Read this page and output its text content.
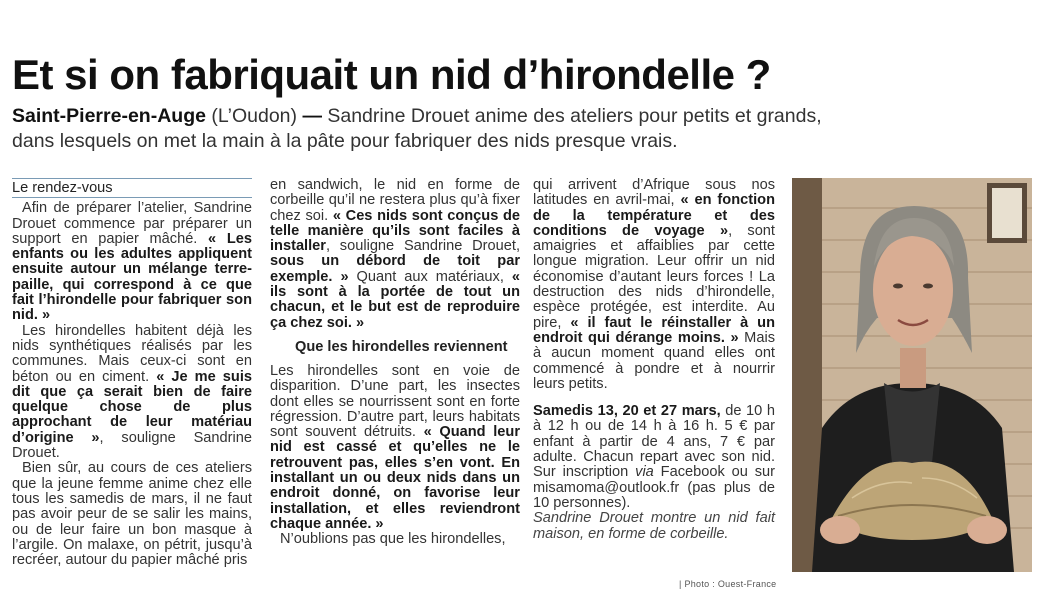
Et si on fabriquait un nid d’hirondelle ?
Saint-Pierre-en-Auge (L’Oudon) — Sandrine Drouet anime des ateliers pour petits et grands,
dans lesquels on met la main à la pâte pour fabriquer des nids presque vrais.
Le rendez-vous

Afin de préparer l’atelier, Sandrine Drouet commence par préparer un support en papier mâché. « Les enfants ou les adultes appliquent ensuite autour un mélange terre-paille, qui correspond à ce que fait l’hirondelle pour fabriquer son nid. »

Les hirondelles habitent déjà les nids synthétiques réalisés par les communes. Mais ceux-ci sont en béton ou en ciment. « Je me suis dit que ça serait bien de faire quelque chose de plus approchant de leur matériau d’origine », souligne Sandrine Drouet.

Bien sûr, au cours de ces ateliers que la jeune femme anime chez elle tous les samedis de mars, il ne faut pas avoir peur de se salir les mains, ou de leur faire un bon masque à l’argile. On malaxe, on pétrit, jusqu’à recréer, autour du papier mâché pris

en sandwich, le nid en forme de corbeille qu’il ne restera plus qu’à fixer chez soi. « Ces nids sont conçus de telle manière qu’ils sont faciles à installer, souligne Sandrine Drouet, sous un débord de toit par exemple. » Quant aux matériaux, « ils sont à la portée de tout un chacun, et le but est de reproduire ça chez soi. »

Que les hirondelles reviennent

Les hirondelles sont en voie de disparition. D’une part, les insectes dont elles se nourrissent sont en forte régression. D’autre part, leurs habitats sont souvent détruits. « Quand leur nid est cassé et qu’elles ne le retrouvent pas, elles s’en vont. En installant un ou deux nids dans un endroit donné, on favorise leur installation, et elles reviendront chaque année. »

N’oublions pas que les hirondelles,

qui arrivent d’Afrique sous nos latitudes en avril-mai, « en fonction de la température et des conditions de voyage », sont amaigries et affaiblies par cette longue migration. Leur offrir un nid économise d’autant leurs forces ! La destruction des nids d’hirondelle, espèce protégée, est interdite. Au pire, « il faut le réinstaller à un endroit qui dérange moins. » Mais à aucun moment quand elles ont commencé à pondre et à nourrir leurs petits.

Samedis 13, 20 et 27 mars, de 10 h à 12 h ou de 14 h à 16 h. 5 € par enfant à partir de 4 ans, 7 € par adulte. Chacun repart avec son nid. Sur inscription via Facebook ou sur misamoma@outlook.fr (pas plus de 10 personnes).

Sandrine Drouet montre un nid fait maison, en forme de corbeille.

| Photo : Ouest-France
